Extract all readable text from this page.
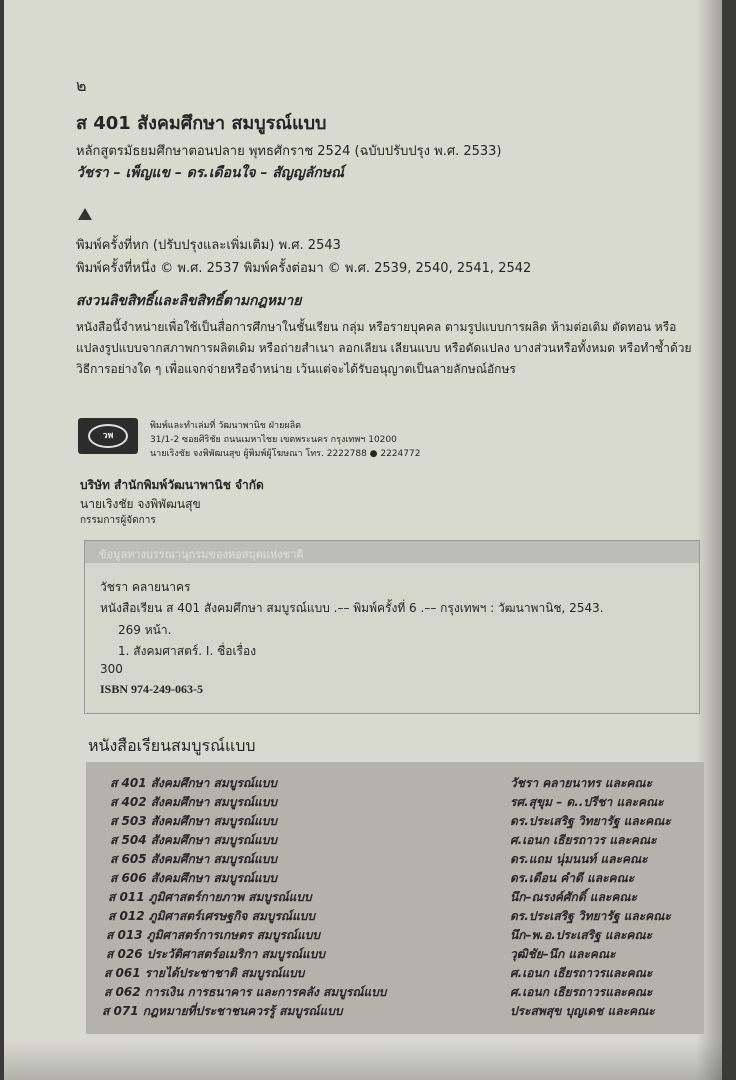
๒
ส 401 สังคมศึกษา สมบูรณ์แบบ
หลักสูตรมัธยมศึกษาตอนปลาย พุทธศักราช 2524 (ฉบับปรับปรุง พ.ศ. 2533)
วัชรา – เพ็ญแข – ดร.เดือนใจ – สัญญลักษณ์
พิมพ์ครั้งที่หก (ปรับปรุงและเพิ่มเติม) พ.ศ. 2543
พิมพ์ครั้งที่หนึ่ง © พ.ศ. 2537 พิมพ์ครั้งต่อมา © พ.ศ. 2539, 2540, 2541, 2542
สงวนลิขสิทธิ์และลิขสิทธิ์ตามกฎหมาย
หนังสือนี้จำหน่ายเพื่อใช้เป็นสื่อการศึกษาในชั้นเรียน กลุ่ม หรือรายบุคคล ตามรูปแบบการผลิต ห้ามต่อเติม ตัดทอน หรือแปลงรูปแบบจากสภาพการผลิตเดิม หรือถ่ายสำเนา ลอกเลียน เลียนแบบ หรือดัดแปลง บางส่วนหรือทั้งหมด หรือทำซ้ำด้วยวิธีการอย่างใด ๆ เพื่อแจกจ่ายหรือจำหน่าย เว้นแต่จะได้รับอนุญาตเป็นลายลักษณ์อักษร
วพ
พิมพ์และทำเล่มที่ วัฒนาพานิช ฝ่ายผลิต
31/1-2 ซอยศิริชัย ถนนเมหาไชย เขตพระนคร กรุงเทพฯ 10200
นายเริงชัย จงพิพัฒนสุข ผู้พิมพ์ผู้โฆษณา โทร. 2222788 ● 2224772
บริษัท สำนักพิมพ์วัฒนาพานิช จำกัด
นายเริงชัย จงพิพัฒนสุข
กรรมการผู้จัดการ
ข้อมูลทางบรรณานุกรมของหอสมุดแห่งชาติ
วัชรา คลายนาคร
หนังสือเรียน ส 401 สังคมศึกษา สมบูรณ์แบบ .–– พิมพ์ครั้งที่ 6 .–– กรุงเทพฯ : วัฒนาพานิช, 2543.
269 หน้า.
1. สังคมศาสตร์. I. ชื่อเรื่อง
300
ISBN 974-249-063-5
หนังสือเรียนสมบูรณ์แบบ
ส 401 สังคมศึกษา สมบูรณ์แบบ	วัชรา คลายนาทร และคณะ
ส 402 สังคมศึกษา สมบูรณ์แบบ	รศ.สุขุม – ด..ปรีชา และคณะ
ส 503 สังคมศึกษา สมบูรณ์แบบ	ดร.ประเสริฐ วิทยารัฐ และคณะ
ส 504 สังคมศึกษา สมบูรณ์แบบ	ศ.เอนก เธียรถาวร และคณะ
ส 605 สังคมศึกษา สมบูรณ์แบบ	ดร.แถม นุ่มนนท์ และคณะ
ส 606 สังคมศึกษา สมบูรณ์แบบ	ดร.เดือน คำดี และคณะ
ส 011 ภูมิศาสตร์กายภาพ สมบูรณ์แบบ	นึก–ณรงค์ศักดิ์ และคณะ
ส 012 ภูมิศาสตร์เศรษฐกิจ สมบูรณ์แบบ	ดร.ประเสริฐ วิทยารัฐ และคณะ
ส 013 ภูมิศาสตร์การเกษตร สมบูรณ์แบบ	นึก–พ.อ.ประเสริฐ และคณะ
ส 026 ประวัติศาสตร์อเมริกา สมบูรณ์แบบ	วุฒิชัย–นึก และคณะ
ส 061 รายได้ประชาชาติ สมบูรณ์แบบ	ศ.เอนก เธียรถาวรและคณะ
ส 062 การเงิน การธนาคาร และการคลัง สมบูรณ์แบบ	ศ.เอนก เธียรถาวรและคณะ
ส 071 กฎหมายที่ประชาชนควรรู้ สมบูรณ์แบบ	ประสพสุข บุญเดช และคณะ
